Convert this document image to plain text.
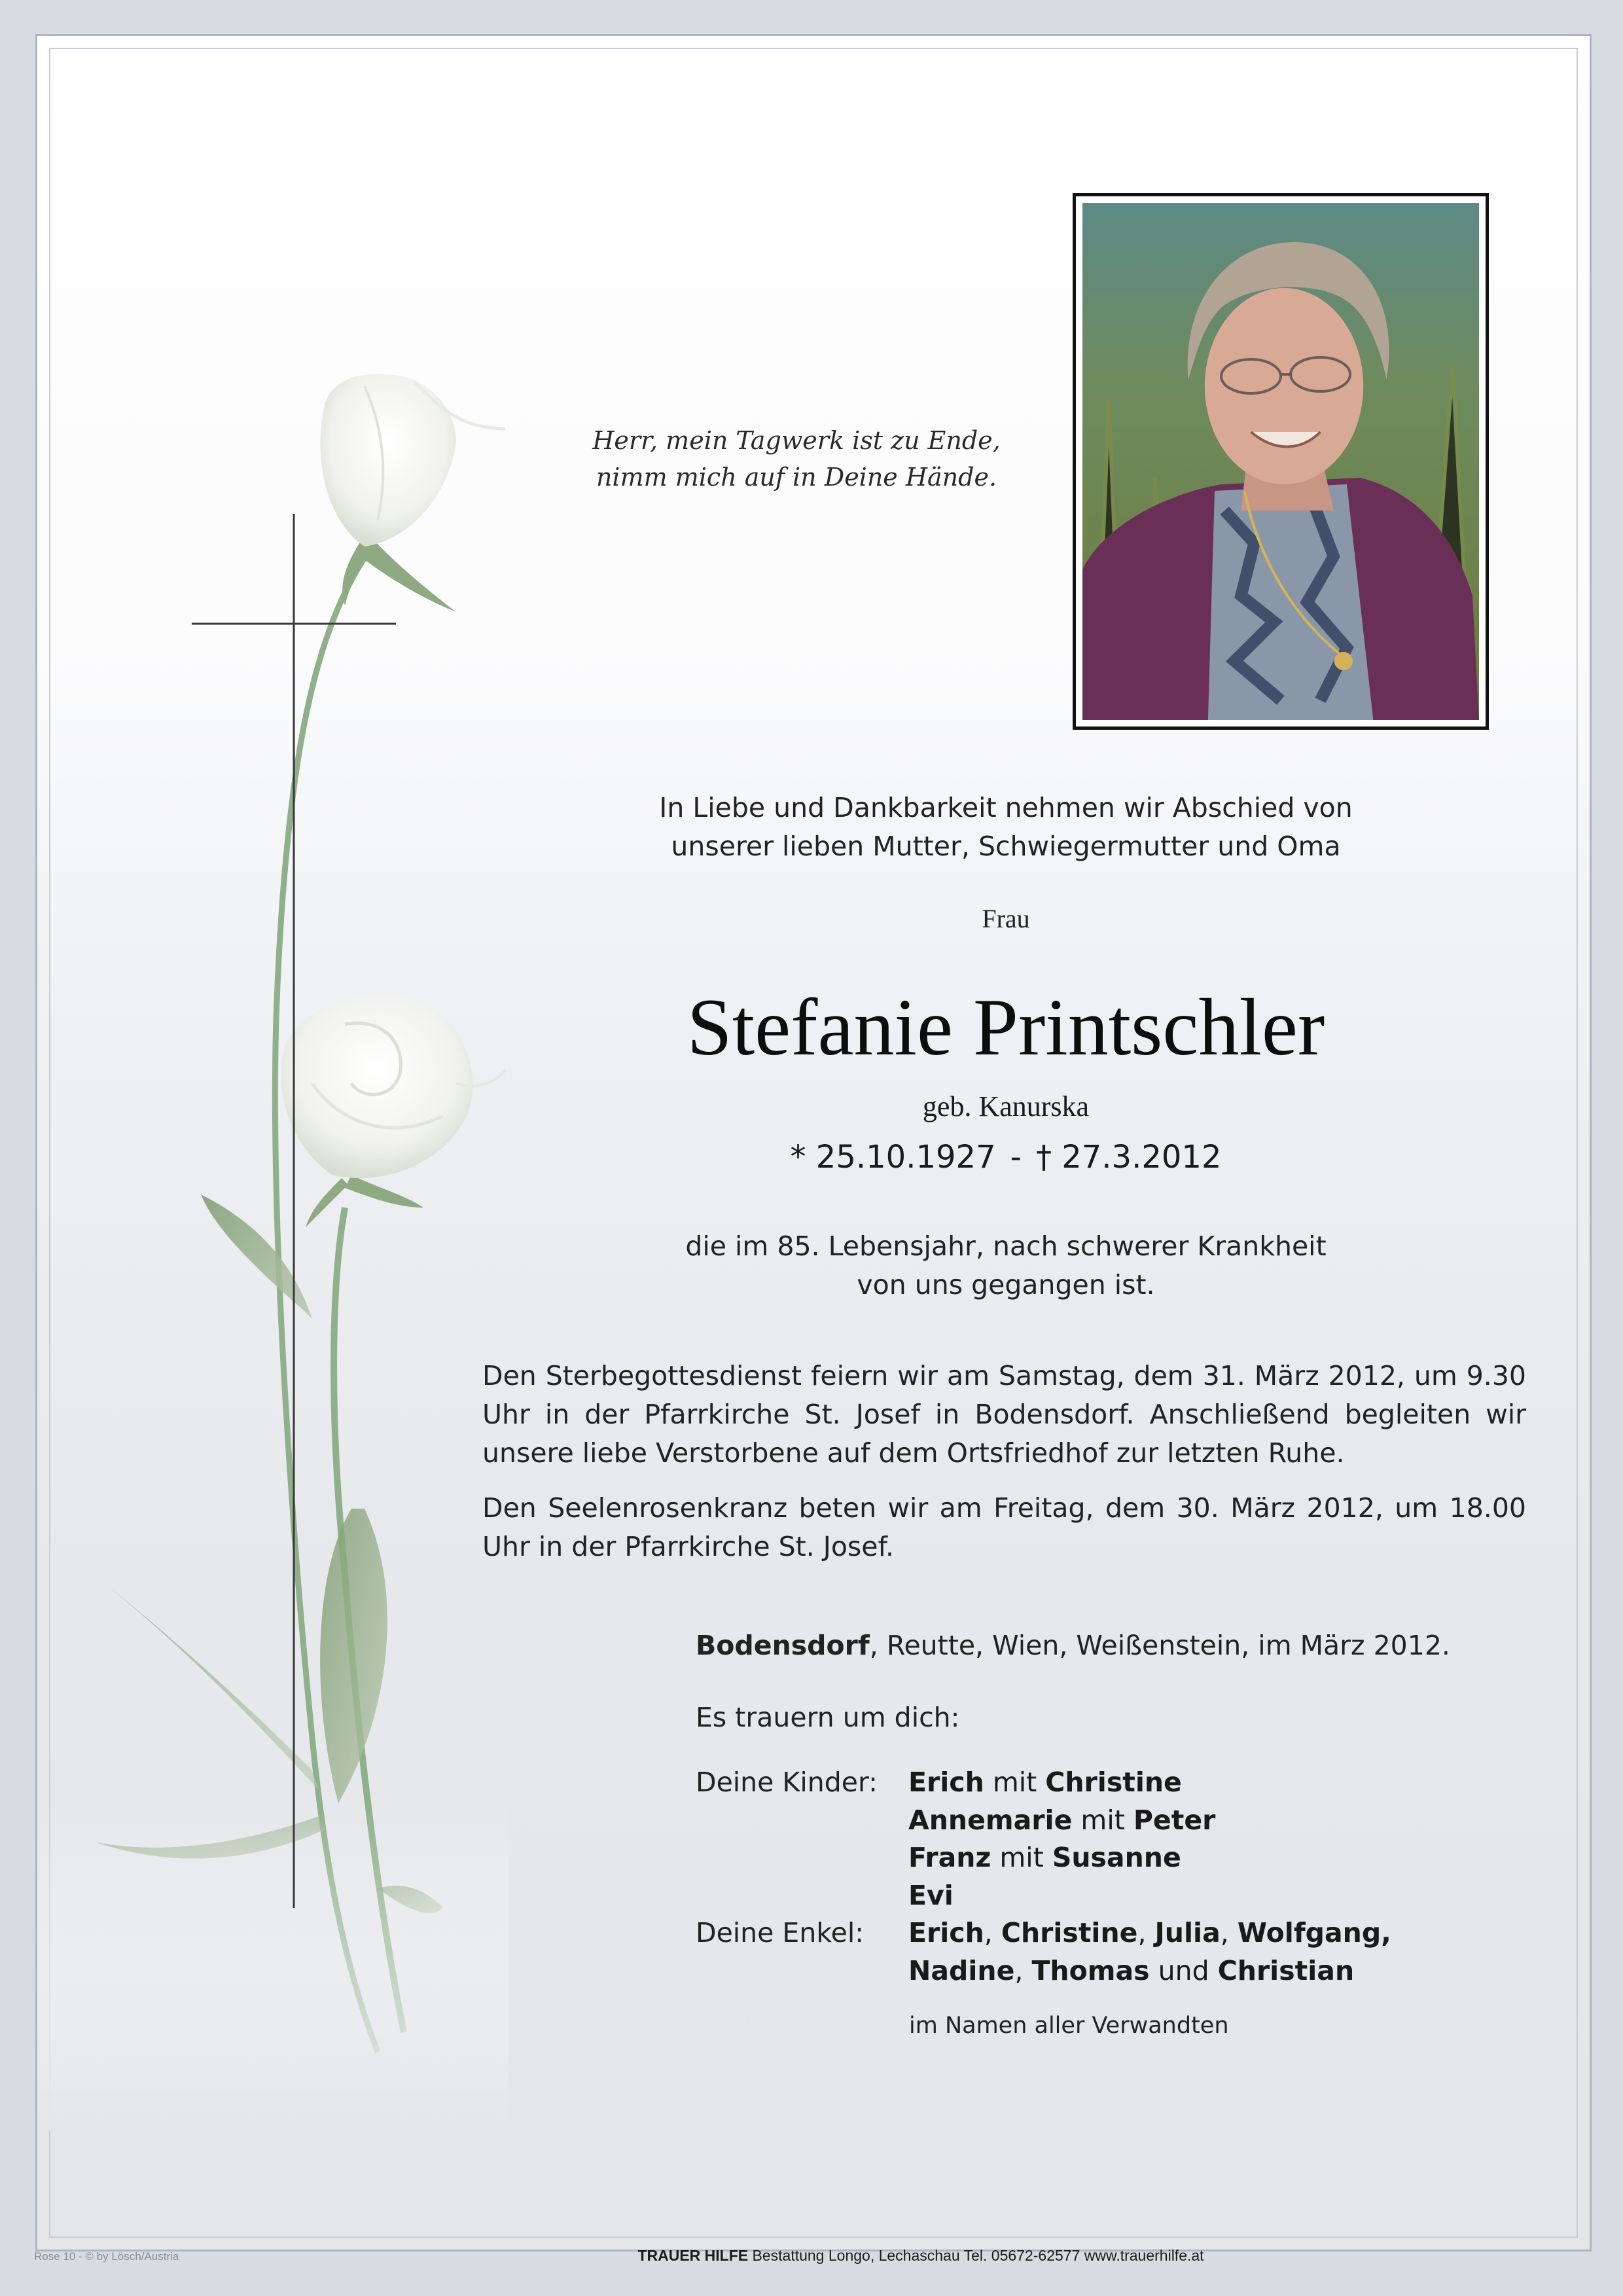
Herr, mein Tagwerk ist zu Ende,
nimm mich auf in Deine Hände.
In Liebe und Dankbarkeit nehmen wir Abschied von
unserer lieben Mutter, Schwiegermutter und Oma
Frau
Stefanie Printschler
geb. Kanurska
* 25.10.1927 - † 27.3.2012
die im 85. Lebensjahr, nach schwerer Krankheit
von uns gegangen ist.

Den Sterbegottesdienst feiern wir am Samstag, dem 31. März 2012, um 9.30 Uhr in der Pfarrkirche St. Josef in Bodensdorf. Anschließend begleiten wir unsere liebe Verstorbene auf dem Ortsfriedhof zur letzten Ruhe.

Den Seelenrosenkranz beten wir am Freitag, dem 30. März 2012, um 18.00 Uhr in der Pfarrkirche St. Josef.

Bodensdorf, Reutte, Wien, Weißenstein, im März 2012.
Es trauern um dich:
Deine Kinder:	Erich mit Christine
Annemarie mit Peter
Franz mit Susanne
Evi
Deine Enkel:	Erich, Christine, Julia, Wolfgang,
Nadine, Thomas und Christian
im Namen aller Verwandten
TRAUER HILFE Bestattung Longo, Lechaschau Tel. 05672-62577 www.trauerhilfe.at
Rose 10 - © by Lösch/Austria
